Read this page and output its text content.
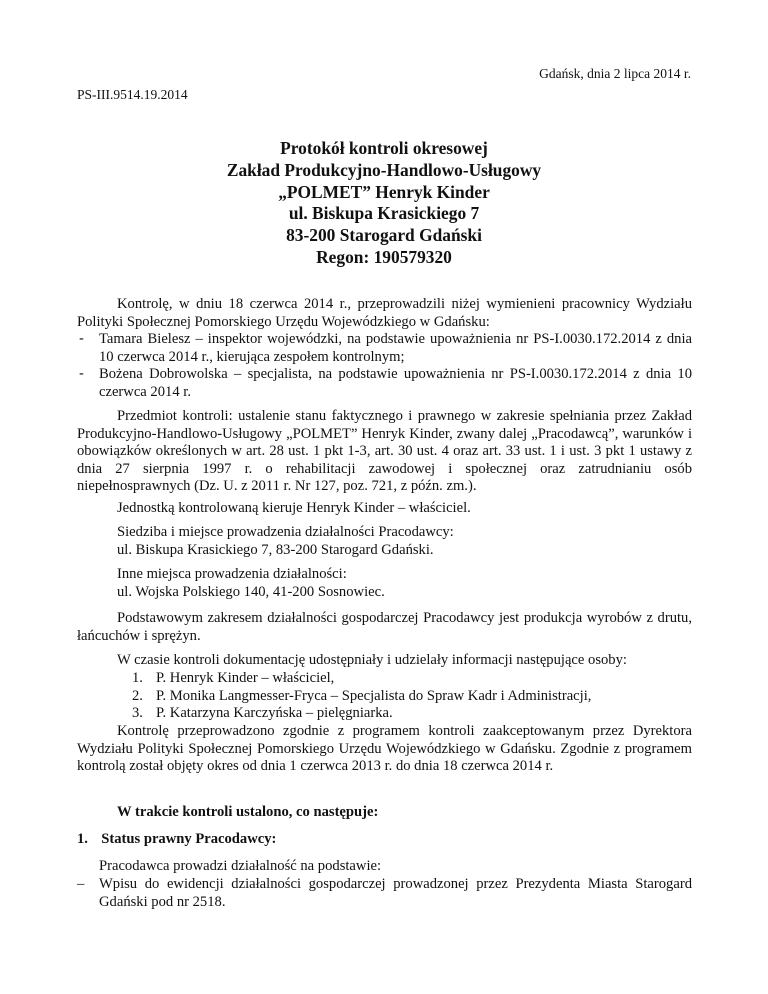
Gdańsk, dnia 2 lipca 2014 r.
PS-III.9514.19.2014
Protokół kontroli okresowej
Zakład Produkcyjno-Handlowo-Usługowy
„POLMET” Henryk Kinder
ul. Biskupa Krasickiego 7
83-200 Starogard Gdański
Regon: 190579320
Kontrolę, w dniu 18 czerwca 2014 r., przeprowadzili niżej wymienieni pracownicy Wydziału Polityki Społecznej Pomorskiego Urzędu Wojewódzkiego w Gdańsku:
- Tamara Bielesz – inspektor wojewódzki, na podstawie upoważnienia nr PS-I.0030.172.2014 z dnia 10 czerwca 2014 r., kierująca zespołem kontrolnym;
- Bożena Dobrowolska – specjalista, na podstawie upoważnienia nr PS-I.0030.172.2014 z dnia 10 czerwca 2014 r.
Przedmiot kontroli: ustalenie stanu faktycznego i prawnego w zakresie spełniania przez Zakład Produkcyjno-Handlowo-Usługowy „POLMET” Henryk Kinder, zwany dalej „Pracodawcą”, warunków i obowiązków określonych w art. 28 ust. 1 pkt 1-3, art. 30 ust. 4 oraz art. 33 ust. 1 i ust. 3 pkt 1 ustawy z dnia 27 sierpnia 1997 r. o rehabilitacji zawodowej i społecznej oraz zatrudnianiu osób niepełnosprawnych (Dz. U. z 2011 r. Nr 127, poz. 721, z późn. zm.).
Jednostką kontrolowaną kieruje Henryk Kinder – właściciel.
Siedziba i miejsce prowadzenia działalności Pracodawcy:
ul. Biskupa Krasickiego 7, 83-200 Starogard Gdański.
Inne miejsca prowadzenia działalności:
ul. Wojska Polskiego 140, 41-200 Sosnowiec.
Podstawowym zakresem działalności gospodarczej Pracodawcy jest produkcja wyrobów z drutu, łańcuchów i sprężyn.
W czasie kontroli dokumentację udostępniały i udzielały informacji następujące osoby:
1. P. Henryk Kinder – właściciel,
2. P. Monika Langmesser-Fryca – Specjalista do Spraw Kadr i Administracji,
3. P. Katarzyna Karczyńska – pielęgniarka.
Kontrolę przeprowadzono zgodnie z programem kontroli zaakceptowanym przez Dyrektora Wydziału Polityki Społecznej Pomorskiego Urzędu Wojewódzkiego w Gdańsku. Zgodnie z programem kontrolą został objęty okres od dnia 1 czerwca 2013 r. do dnia 18 czerwca 2014 r.
W trakcie kontroli ustalono, co następuje:
1. Status prawny Pracodawcy:
Pracodawca prowadzi działalność na podstawie:
– Wpisu do ewidencji działalności gospodarczej prowadzonej przez Prezydenta Miasta Starogard Gdański pod nr 2518.
